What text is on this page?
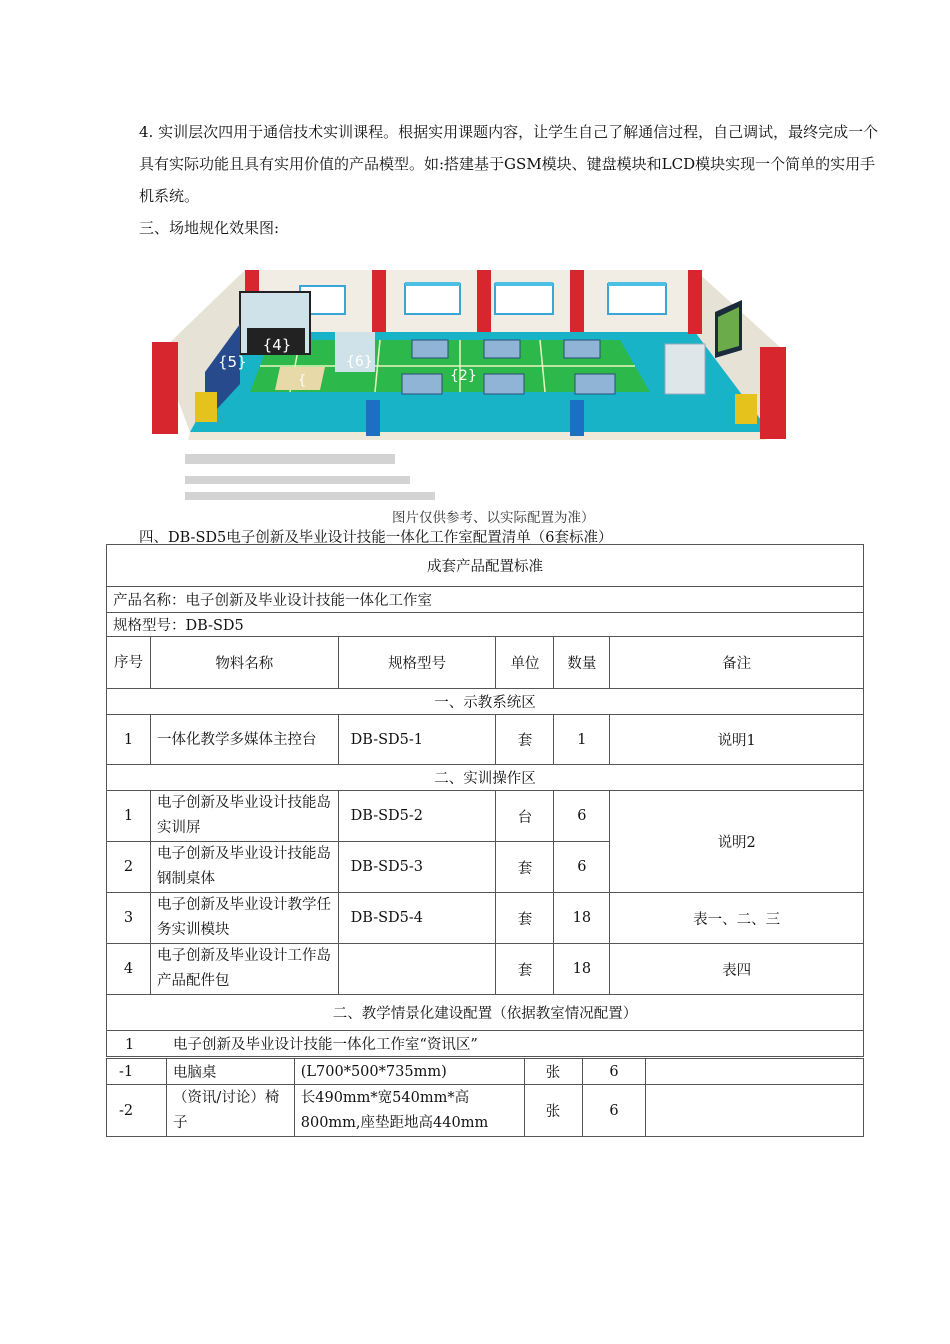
4. 实训层次四用于通信技术实训课程。根据实用课题内容，让学生自己了解通信过程，自己调试，最终完成一个具有实际功能且具有实用价值的产品模型。如:搭建基于GSM模块、键盘模块和LCD模块实现一个简单的实用手机系统。
三、场地规化效果图:
{4}
{5}
{
{6}
{2}
图片仅供参考、以实际配置为准）
四、DB-SD5电子创新及毕业设计技能一体化工作室配置清单（6套标准）
成套产品配置标准					
产品名称：电子创新及毕业设计技能一体化工作室					
规格型号：DB-SD5					
序号	物料名称	规格型号	单位	数量	备注
一、示教系统区					
1	一体化教学多媒体主控台	DB-SD5-1	套	1	说明1
二、实训操作区					
1	电子创新及毕业设计技能岛实训屏	DB-SD5-2	台	6	说明2
2	电子创新及毕业设计技能岛钢制桌体	DB-SD5-3	套	6	
3	电子创新及毕业设计教学任务实训模块	DB-SD5-4	套	18	表一、二、三
4	电子创新及毕业设计工作岛产品配件包		套	18	表四
二、教学情景化建设配置（依据教室情况配置）					
1 电子创新及毕业设计技能一体化工作室“资讯区”					
-1	电脑桌	(L700*500*735mm)	张	6	
-2	（资讯/讨论）椅子	长490mm*宽540mm*高800mm,座垫距地高440mm	张	6	
